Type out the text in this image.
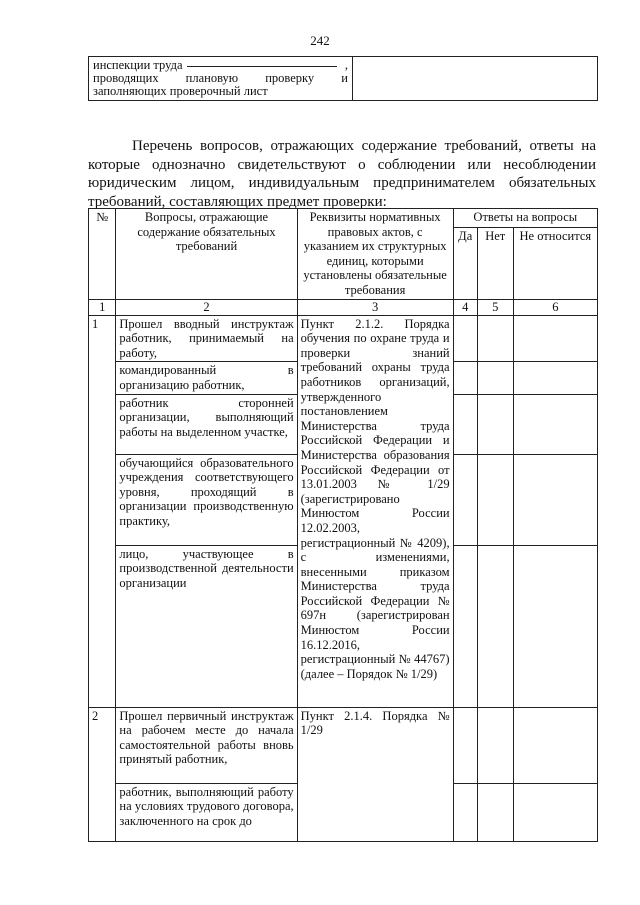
242
инспекции труда	,
проводящих плановую проверку и
заполняющих проверочный лист

Перечень вопросов, отражающих содержание требований, ответы на которые однозначно свидетельствуют о соблюдении или несоблюдении юридическим лицом, индивидуальным предпринимателем обязательных требований, составляющих предмет проверки:

№	Вопросы, отражающие содержание обязательных требований	Реквизиты нормативных правовых актов, с указанием их структурных единиц, которыми установлены обязательные требования	Ответы на вопросы		
			Да	Нет	Не относится
1	2	3	4	5	6
1	Прошел вводный инструктаж работник, принимаемый на работу,	Пункт 2.1.2. Порядка обучения по охране труда и проверки знаний требований охраны труда работников организаций, утвержденного постановлением Министерства труда Российской Федерации и Министерства образования Российской Федерации от 13.01.2003 № 1/29 (зарегистрировано Минюстом России 12.02.2003, регистрационный № 4209), с изменениями, внесенными приказом Министерства труда Российской Федерации № 697н (зарегистрирован Минюстом России 16.12.2016, регистрационный № 44767) (далее – Порядок № 1/29)			
	командированный в организацию работник,				
	работник сторонней организации, выполняющий работы на выделенном участке,				
	обучающийся образовательного учреждения соответствующего уровня, проходящий в организации производственную практику,				
	лицо, участвующее в производственной деятельности организации				
2	Прошел первичный инструктаж на рабочем месте до начала самостоятельной работы вновь принятый работник,	Пункт 2.1.4. Порядка № 1/29			
	работник, выполняющий работу на условиях трудового договора, заключенного на срок до				
